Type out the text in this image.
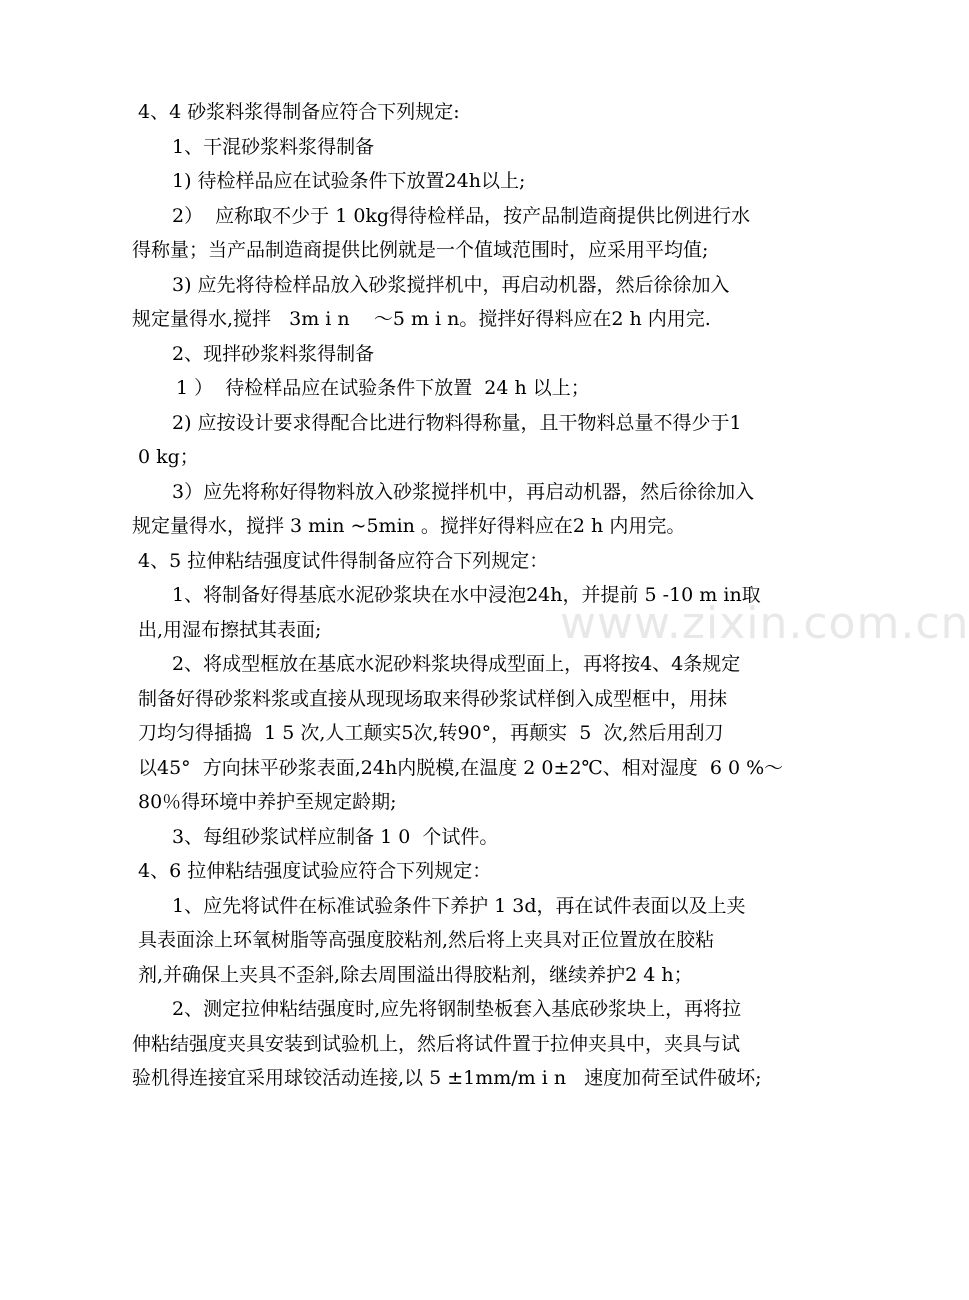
4、4 砂浆料浆得制备应符合下列规定:
1、干混砂浆料浆得制备
1) 待检样品应在试验条件下放置24h以上;
2）  应称取不少于 1 0kg得待检样品，按产品制造商提供比例进行水
得称量；当产品制造商提供比例就是一个值域范围时，应采用平均值;
3) 应先将待检样品放入砂浆搅拌机中，再启动机器，然后徐徐加入
规定量得水,搅拌   3m i n    ～5 m i n。搅拌好得料应在2 h 内用完.
2、现拌砂浆料浆得制备
1 ）  待检样品应在试验条件下放置  24 h 以上；
2) 应按设计要求得配合比进行物料得称量，且干物料总量不得少于1
0 kg；
3）应先将称好得物料放入砂浆搅拌机中，再启动机器，然后徐徐加入
规定量得水，搅拌 3 min ~5min 。搅拌好得料应在2 h 内用完。
4、5 拉伸粘结强度试件得制备应符合下列规定：
1、将制备好得基底水泥砂浆块在水中浸泡24h，并提前 5 -10 m in取
出,用湿布擦拭其表面;
2、将成型框放在基底水泥砂料浆块得成型面上，再将按4、4条规定
制备好得砂浆料浆或直接从现现场取来得砂浆试样倒入成型框中，用抹
刀均匀得插捣  1 5 次,人工颠实5次,转90°，再颠实  5  次,然后用刮刀
以45°  方向抹平砂浆表面,24h内脱模,在温度 2 0±2℃、相对湿度  6 0 %～
80％得环境中养护至规定龄期;
3、每组砂浆试样应制备 1 0  个试件。
4、6 拉伸粘结强度试验应符合下列规定：
1、应先将试件在标准试验条件下养护 1 3d，再在试件表面以及上夹
具表面涂上环氧树脂等高强度胶粘剂,然后将上夹具对正位置放在胶粘
剂,并确保上夹具不歪斜,除去周围溢出得胶粘剂，继续养护2 4 h；
2、测定拉伸粘结强度时,应先将钢制垫板套入基底砂浆块上，再将拉
伸粘结强度夹具安装到试验机上，然后将试件置于拉伸夹具中，夹具与试
验机得连接宜采用球铰活动连接,以 5 ±1mm/m i n   速度加荷至试件破坏;
www.zixin.com.cn
